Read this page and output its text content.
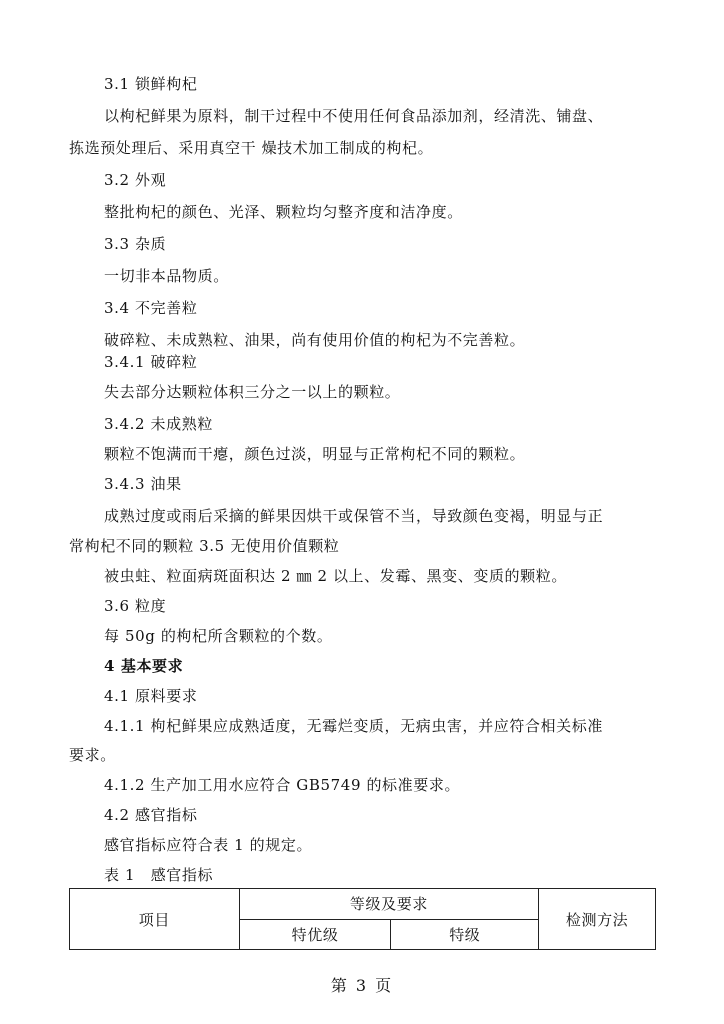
3.1 锁鲜枸杞
以枸杞鲜果为原料，制干过程中不使用任何食品添加剂，经清洗、铺盘、
拣选预处理后、采用真空干 燥技术加工制成的枸杞。
3.2 外观
整批枸杞的颜色、光泽、颗粒均匀整齐度和洁净度。
3.3 杂质
一切非本品物质。
3.4 不完善粒
破碎粒、未成熟粒、油果，尚有使用价值的枸杞为不完善粒。
3.4.1 破碎粒
失去部分达颗粒体积三分之一以上的颗粒。
3.4.2 未成熟粒
颗粒不饱满而干瘪，颜色过淡，明显与正常枸杞不同的颗粒。
3.4.3 油果
成熟过度或雨后采摘的鲜果因烘干或保管不当，导致颜色变褐，明显与正
常枸杞不同的颗粒 3.5 无使用价值颗粒
被虫蛀、粒面病斑面积达 2 ㎜ 2 以上、发霉、黑变、变质的颗粒。
3.6 粒度
每 50g 的枸杞所含颗粒的个数。
4 基本要求
4.1 原料要求
4.1.1 枸杞鲜果应成熟适度，无霉烂变质，无病虫害，并应符合相关标准
要求。
4.1.2 生产加工用水应符合 GB5749 的标准要求。
4.2 感官指标
感官指标应符合表 1 的规定。
表 1　感官指标
项目	等级及要求		检测方法
	特优级	特级	
第 3 页
